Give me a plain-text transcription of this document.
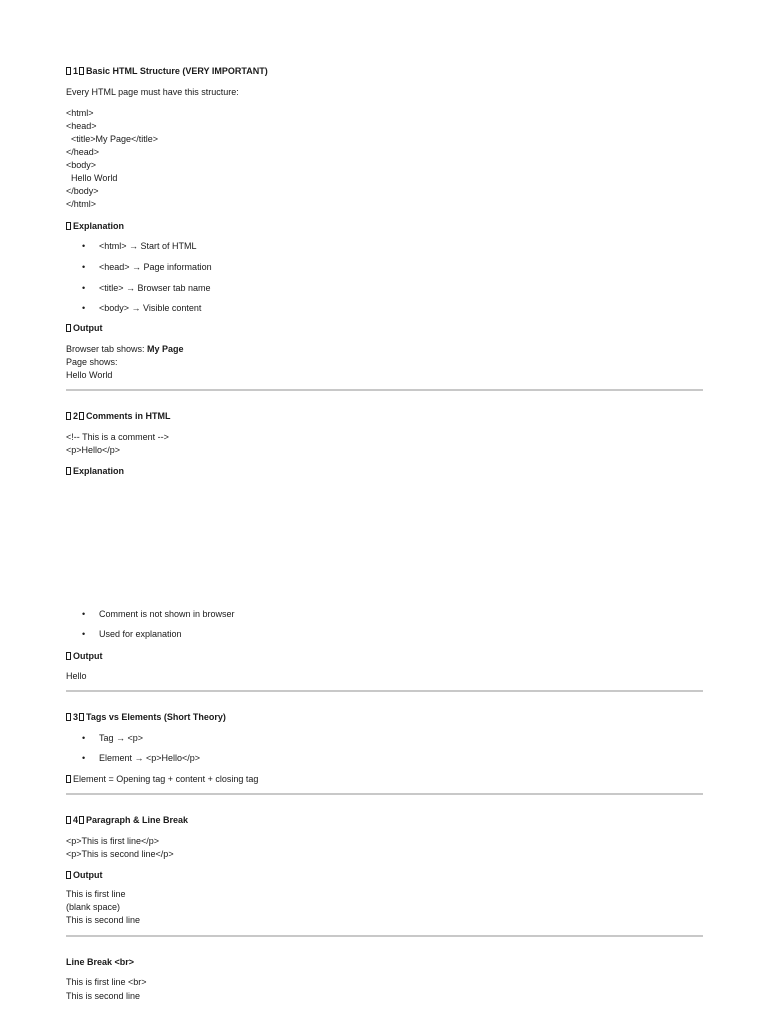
1 Basic HTML Structure (VERY IMPORTANT)
Every HTML page must have this structure:
<html>
<head>
<title>My Page</title>
</head>
<body>
Hello World
</body>
</html>
Explanation
• <html> → Start of HTML
• <head> → Page information
• <title> → Browser tab name
• <body> → Visible content
Output
Browser tab shows: My Page
Page shows:
Hello World
2 Comments in HTML
<!-- This is a comment -->
<p>Hello</p>
Explanation
• Comment is not shown in browser
• Used for explanation
Output
Hello
3 Tags vs Elements (Short Theory)
• Tag → <p>
• Element → <p>Hello</p>
Element = Opening tag + content + closing tag
4 Paragraph & Line Break
<p>This is first line</p>
<p>This is second line</p>
Output
This is first line
(blank space)
This is second line
Line Break <br>
This is first line <br>
This is second line
